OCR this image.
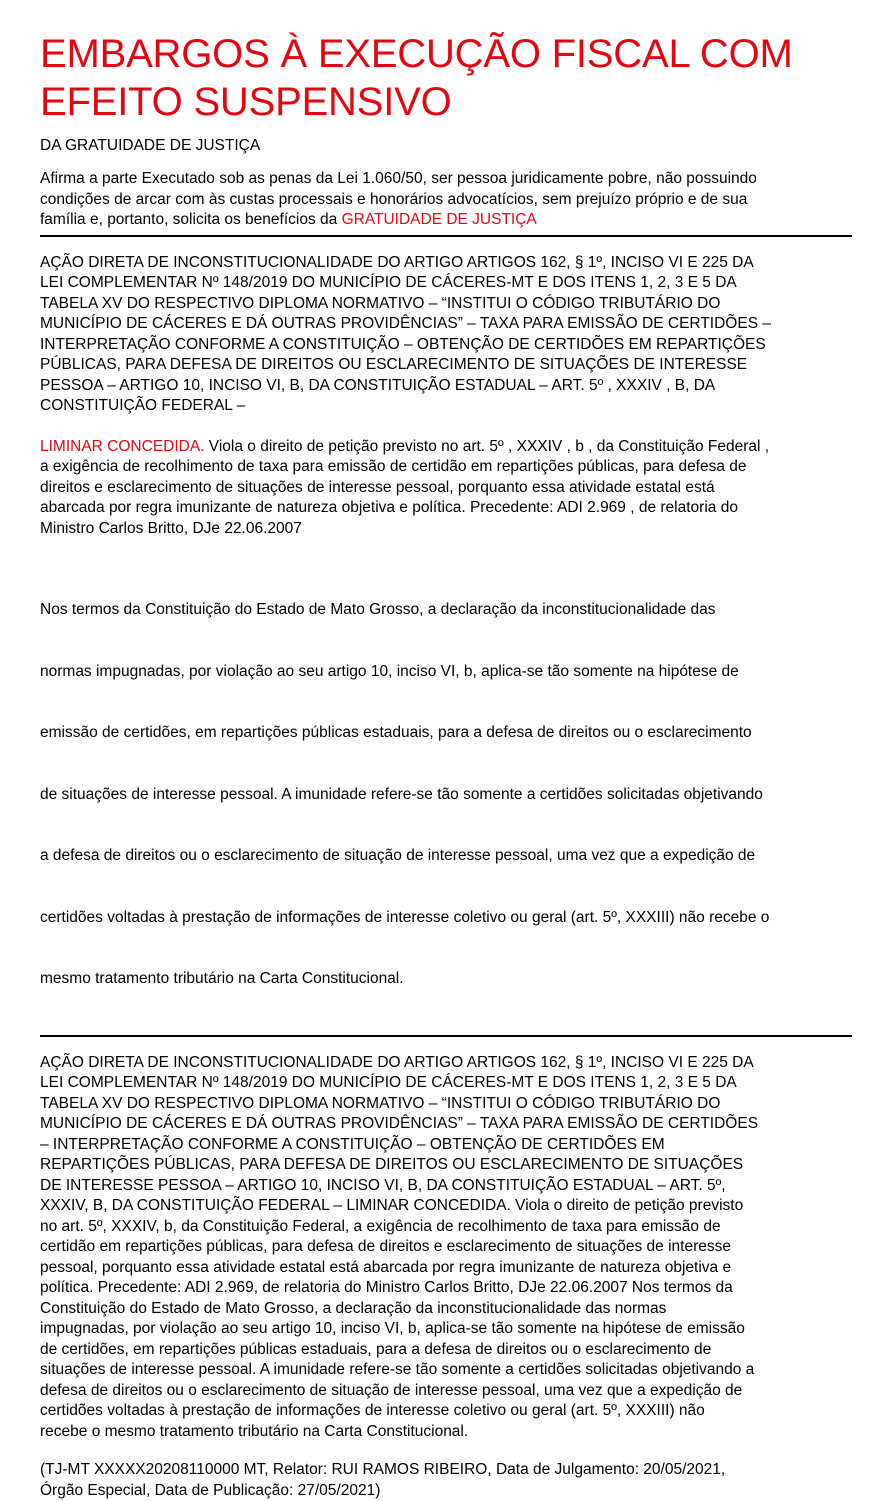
EMBARGOS À EXECUÇÃO FISCAL COM
EFEITO SUSPENSIVO
DA GRATUIDADE DE JUSTIÇA
Afirma a parte Executado sob as penas da Lei 1.060/50, ser pessoa juridicamente pobre, não possuindo
condições de arcar com às custas processais e honorários advocatícios, sem prejuízo próprio e de sua
família e, portanto, solicita os benefícios da GRATUIDADE DE JUSTIÇA
AÇÃO DIRETA DE INCONSTITUCIONALIDADE DO ARTIGO ARTIGOS 162, § 1º, INCISO VI E 225 DA
LEI COMPLEMENTAR Nº 148/2019 DO MUNICÍPIO DE CÁCERES-MT E DOS ITENS 1, 2, 3 E 5 DA
TABELA XV DO RESPECTIVO DIPLOMA NORMATIVO – “INSTITUI O CÓDIGO TRIBUTÁRIO DO
MUNICÍPIO DE CÁCERES E DÁ OUTRAS PROVIDÊNCIAS” – TAXA PARA EMISSÃO DE CERTIDÕES –
INTERPRETAÇÃO CONFORME A CONSTITUIÇÃO – OBTENÇÃO DE CERTIDÕES EM REPARTIÇÕES
PÚBLICAS, PARA DEFESA DE DIREITOS OU ESCLARECIMENTO DE SITUAÇÕES DE INTERESSE
PESSOA – ARTIGO 10, INCISO VI, B, DA CONSTITUIÇÃO ESTADUAL – ART. 5º , XXXIV , B, DA
CONSTITUIÇÃO FEDERAL –
LIMINAR CONCEDIDA. Viola o direito de petição previsto no art. 5º , XXXIV , b , da Constituição Federal ,
a exigência de recolhimento de taxa para emissão de certidão em repartições públicas, para defesa de
direitos e esclarecimento de situações de interesse pessoal, porquanto essa atividade estatal está
abarcada por regra imunizante de natureza objetiva e política. Precedente: ADI 2.969 , de relatoria do
Ministro Carlos Britto, DJe 22.06.2007

Nos termos da Constituição do Estado de Mato Grosso, a declaração da inconstitucionalidade das

normas impugnadas, por violação ao seu artigo 10, inciso VI, b, aplica-se tão somente na hipótese de

emissão de certidões, em repartições públicas estaduais, para a defesa de direitos ou o esclarecimento

de situações de interesse pessoal. A imunidade refere-se tão somente a certidões solicitadas objetivando

a defesa de direitos ou o esclarecimento de situação de interesse pessoal, uma vez que a expedição de

certidões voltadas à prestação de informações de interesse coletivo ou geral (art. 5º, XXXIII) não recebe o

mesmo tratamento tributário na Carta Constitucional.

AÇÃO DIRETA DE INCONSTITUCIONALIDADE DO ARTIGO ARTIGOS 162, § 1º, INCISO VI E 225 DA
LEI COMPLEMENTAR Nº 148/2019 DO MUNICÍPIO DE CÁCERES-MT E DOS ITENS 1, 2, 3 E 5 DA
TABELA XV DO RESPECTIVO DIPLOMA NORMATIVO – “INSTITUI O CÓDIGO TRIBUTÁRIO DO
MUNICÍPIO DE CÁCERES E DÁ OUTRAS PROVIDÊNCIAS” – TAXA PARA EMISSÃO DE CERTIDÕES
– INTERPRETAÇÃO CONFORME A CONSTITUIÇÃO – OBTENÇÃO DE CERTIDÕES EM
REPARTIÇÕES PÚBLICAS, PARA DEFESA DE DIREITOS OU ESCLARECIMENTO DE SITUAÇÕES
DE INTERESSE PESSOA – ARTIGO 10, INCISO VI, B, DA CONSTITUIÇÃO ESTADUAL – ART. 5º,
XXXIV, B, DA CONSTITUIÇÃO FEDERAL – LIMINAR CONCEDIDA. Viola o direito de petição previsto
no art. 5º, XXXIV, b, da Constituição Federal, a exigência de recolhimento de taxa para emissão de
certidão em repartições públicas, para defesa de direitos e esclarecimento de situações de interesse
pessoal, porquanto essa atividade estatal está abarcada por regra imunizante de natureza objetiva e
política. Precedente: ADI 2.969, de relatoria do Ministro Carlos Britto, DJe 22.06.2007 Nos termos da
Constituição do Estado de Mato Grosso, a declaração da inconstitucionalidade das normas
impugnadas, por violação ao seu artigo 10, inciso VI, b, aplica-se tão somente na hipótese de emissão
de certidões, em repartições públicas estaduais, para a defesa de direitos ou o esclarecimento de
situações de interesse pessoal. A imunidade refere-se tão somente a certidões solicitadas objetivando a
defesa de direitos ou o esclarecimento de situação de interesse pessoal, uma vez que a expedição de
certidões voltadas à prestação de informações de interesse coletivo ou geral (art. 5º, XXXIII) não
recebe o mesmo tratamento tributário na Carta Constitucional.
(TJ-MT XXXXX20208110000 MT, Relator: RUI RAMOS RIBEIRO, Data de Julgamento: 20/05/2021,
Órgão Especial, Data de Publicação: 27/05/2021)
